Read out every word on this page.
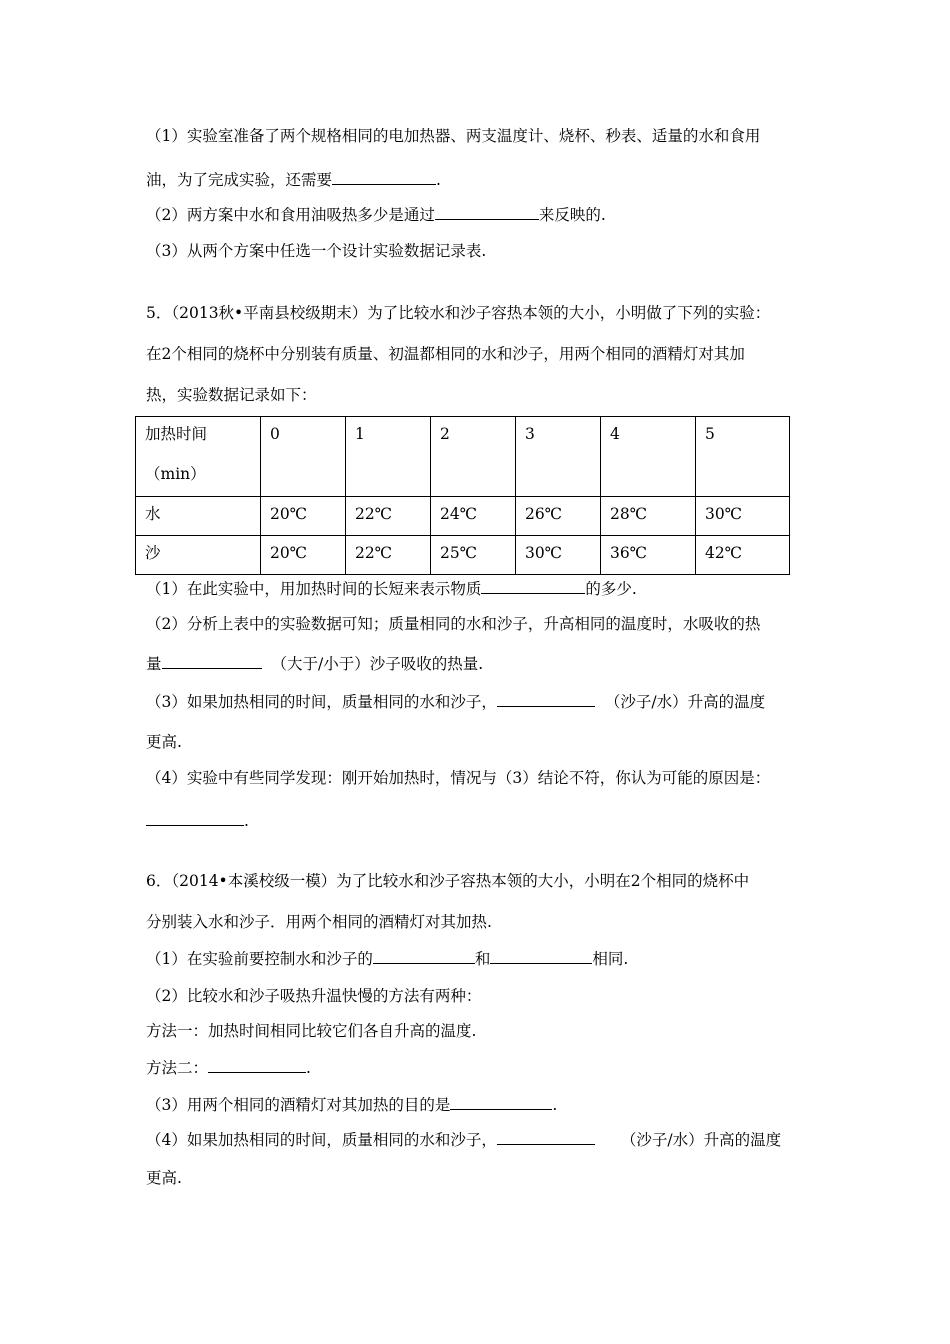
（1）实验室准备了两个规格相同的电加热器、两支温度计、烧杯、秒表、适量的水和食用
油，为了完成实验，还需要	.
（2）两方案中水和食用油吸热多少是通过	来反映的.
（3）从两个方案中任选一个设计实验数据记录表.
5．（2013秋•平南县校级期末）为了比较水和沙子容热本领的大小，小明做了下列的实验：
在2个相同的烧杯中分别装有质量、初温都相同的水和沙子，用两个相同的酒精灯对其加
热，实验数据记录如下：
加热时间
（min）	0	1	2	3	4	5
水	20℃	22℃	24℃	26℃	28℃	30℃
沙	20℃	22℃	25℃	30℃	36℃	42℃
（1）在此实验中，用加热时间的长短来表示物质	的多少.
（2）分析上表中的实验数据可知；质量相同的水和沙子，升高相同的温度时，水吸收的热
量	（大于/小于）沙子吸收的热量.
（3）如果加热相同的时间，质量相同的水和沙子，	（沙子/水）升高的温度
更高.
（4）实验中有些同学发现：刚开始加热时，情况与（3）结论不符，你认为可能的原因是：
.
6．（2014•本溪校级一模）为了比较水和沙子容热本领的大小，小明在2个相同的烧杯中
分别装入水和沙子．用两个相同的酒精灯对其加热.
（1）在实验前要控制水和沙子的	和	相同.
（2）比较水和沙子吸热升温快慢的方法有两种：
方法一：加热时间相同比较它们各自升高的温度.
方法二：	.
（3）用两个相同的酒精灯对其加热的目的是	.
（4）如果加热相同的时间，质量相同的水和沙子，	（沙子/水）升高的温度
更高.
